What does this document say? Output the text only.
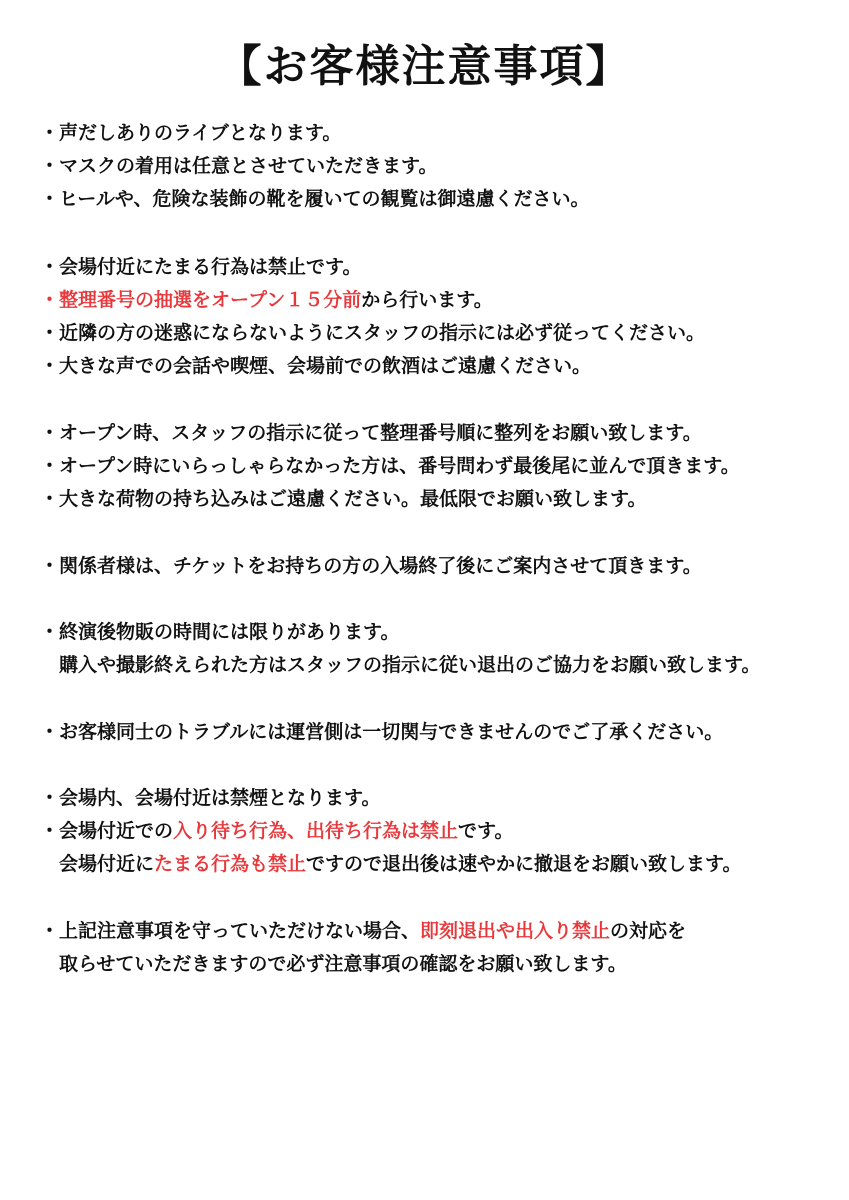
【お客様注意事項】
・声だしありのライブとなります。
・マスクの着用は任意とさせていただきます。
・ヒールや、危険な装飾の靴を履いての観覧は御遠慮ください。
・会場付近にたまる行為は禁止です。
・整理番号の抽選をオープン１５分前から行います。
・近隣の方の迷惑にならないようにスタッフの指示には必ず従ってください。
・大きな声での会話や喫煙、会場前での飲酒はご遠慮ください。
・オープン時、スタッフの指示に従って整理番号順に整列をお願い致します。
・オープン時にいらっしゃらなかった方は、番号問わず最後尾に並んで頂きます。
・大きな荷物の持ち込みはご遠慮ください。最低限でお願い致します。
・関係者様は、チケットをお持ちの方の入場終了後にご案内させて頂きます。
・終演後物販の時間には限りがあります。
　購入や撮影終えられた方はスタッフの指示に従い退出のご協力をお願い致します。
・お客様同士のトラブルには運営側は一切関与できませんのでご了承ください。
・会場内、会場付近は禁煙となります。
・会場付近での入り待ち行為、出待ち行為は禁止です。
　会場付近にたまる行為も禁止ですので退出後は速やかに撤退をお願い致します。
・上記注意事項を守っていただけない場合、即刻退出や出入り禁止の対応を
　取らせていただきますので必ず注意事項の確認をお願い致します。
